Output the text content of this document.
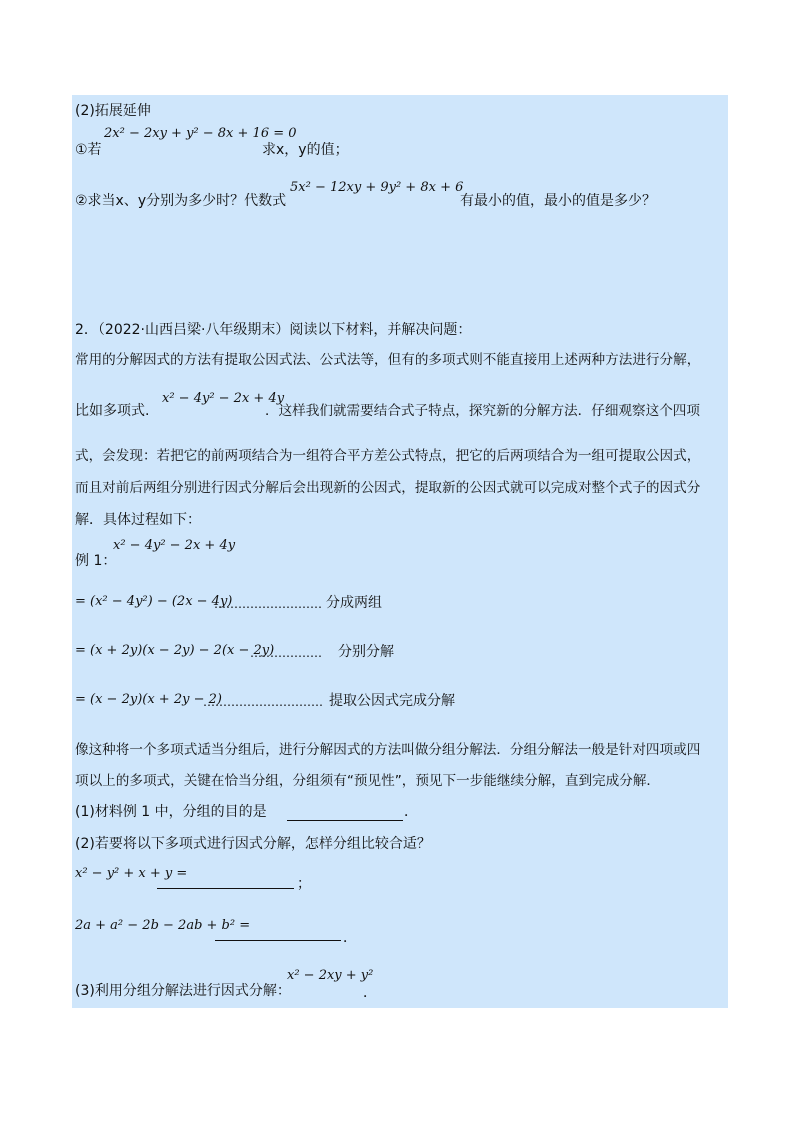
(2)拓展延伸
①若
2x² − 2xy + y² − 8x + 16 = 0
求x，y的值；
②求当x、y分别为多少时？代数式
5x² − 12xy + 9y² + 8x + 6
有最小的值，最小的值是多少？
2．（2022·山西吕梁·八年级期末）阅读以下材料，并解决问题：
常用的分解因式的方法有提取公因式法、公式法等，但有的多项式则不能直接用上述两种方法进行分解，
比如多项式.
x² − 4y² − 2x + 4y
．这样我们就需要结合式子特点，探究新的分解方法．仔细观察这个四项
式，会发现：若把它的前两项结合为一组符合平方差公式特点，把它的后两项结合为一组可提取公因式，
而且对前后两组分别进行因式分解后会出现新的公因式，提取新的公因式就可以完成对整个式子的因式分
解．具体过程如下：
例 1：
x² − 4y² − 2x + 4y
= (x² − 4y²) − (2x − 4y)
……………………… 分成两组
= (x + 2y)(x − 2y) − 2(x − 2y)
……………… 分别分解
= (x − 2y)(x + 2y − 2)
………………………… 提取公因式完成分解
像这种将一个多项式适当分组后，进行分解因式的方法叫做分组分解法．分组分解法一般是针对四项或四
项以上的多项式，关键在恰当分组，分组须有“预见性”，预见下一步能继续分解，直到完成分解．
(1)材料例 1 中，分组的目的是	．
(2)若要将以下多项式进行因式分解，怎样分组比较合适？
x² − y² + x + y =
；
2a + a² − 2b − 2ab + b² =
．
(3)利用分组分解法进行因式分解：
x² − 2xy + y²
．
